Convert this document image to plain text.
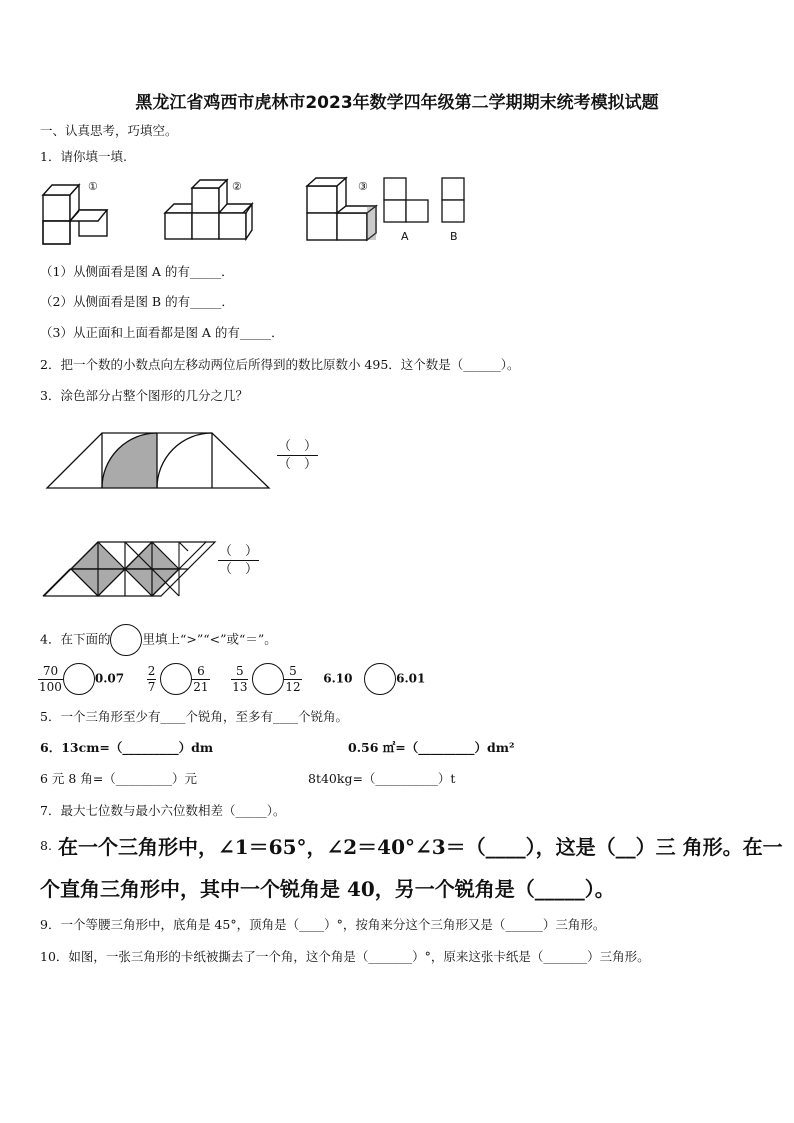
黑龙江省鸡西市虎林市2023年数学四年级第二学期期末统考模拟试题
一、认真思考，巧填空。
1．请你填一填.
①	②	③
A	B
（1）从侧面看是图 A 的有_____．
（2）从侧面看是图 B 的有_____．
（3）从正面和上面看都是图 A 的有_____．
2．把一个数的小数点向左移动两位后所得到的数比原数小 495．这个数是（______）。
3．涂色部分占整个图形的几分之几？
（　）
（　）
（　）
（　）
4．在下面的	里填上“>”“<”或“＝”。
$\frac{70}{100}$	$0.07 \frac{2}{7}$
	$\frac{6}{21}$
$\frac{5}{13}$
	$\frac{5}{12} 6.10$	6.01
5．一个三角形至少有____个锐角，至多有____个锐角。
6．13cm=（_________）dm	0.56 ㎡=（_________）dm²
6 元 8 角=（_________）元	8t40kg=（__________）t
7．最大七位数与最小六位数相差（_____）。
8. 在一个三角形中，∠1＝65°，∠2＝40°∠3＝（____），这是（__）三 角形。在一
个直角三角形中，其中一个锐角是 40，另一个锐角是（_____）。
9．一个等腰三角形中，底角是 45°，顶角是（____）°，按角来分这个三角形又是（______）三角形。
10．如图，一张三角形的卡纸被撕去了一个角，这个角是（_______）°，原来这张卡纸是（_______）三角形。
